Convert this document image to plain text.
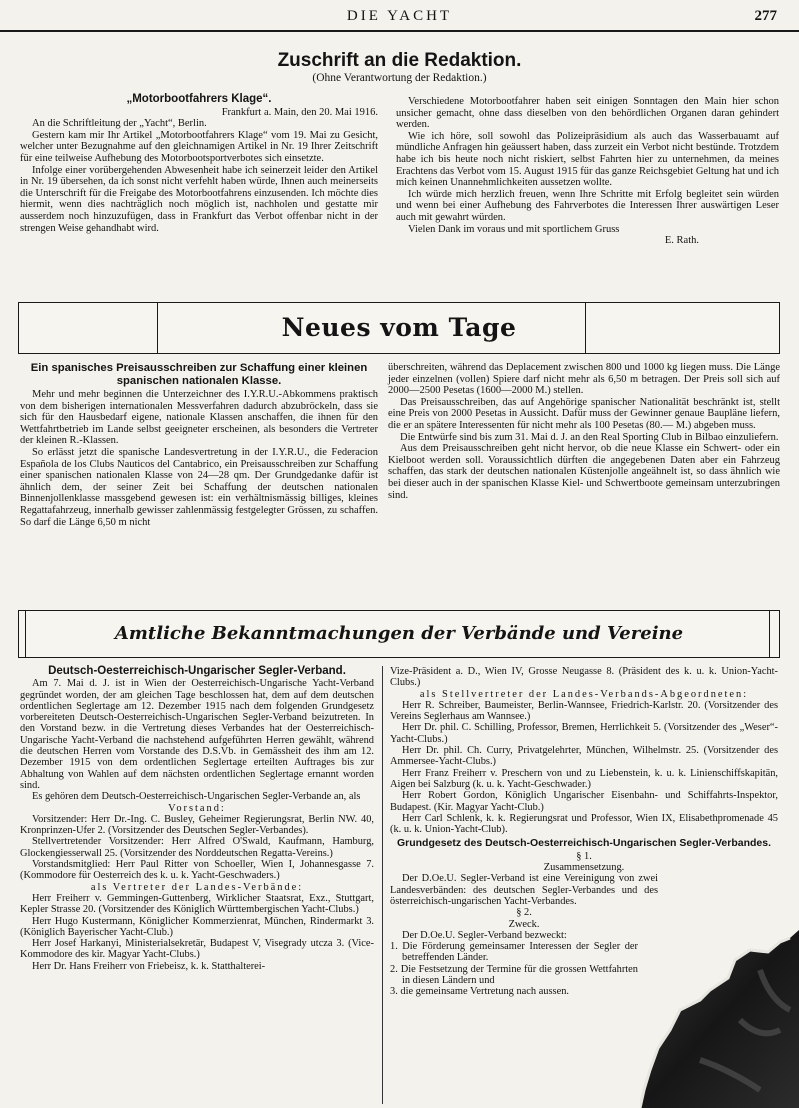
DIE YACHT	277
Zuschrift an die Redaktion.
(Ohne Verantwortung der Redaktion.)

„Motorbootfahrers Klage“.

Frankfurt a. Main, den 20. Mai 1916.

An die Schriftleitung der „Yacht“, Berlin.

Gestern kam mir Ihr Artikel „Motorbootfahrers Klage“ vom 19. Mai zu Gesicht, welcher unter Bezugnahme auf den gleichnamigen Artikel in Nr. 19 Ihrer Zeitschrift für eine teilweise Aufhebung des Motorbootsportverbotes sich einsetzte.

Infolge einer vorübergehenden Abwesenheit habe ich seinerzeit leider den Artikel in Nr. 19 übersehen, da ich sonst nicht verfehlt haben würde, Ihnen auch meinerseits die Unterschrift für die Freigabe des Motorbootfahrens einzusenden. Ich möchte dies hiermit, wenn dies nachträglich noch möglich ist, nachholen und gestatte mir ausserdem noch hinzuzufügen, dass in Frankfurt das Verbot offenbar nicht in der strengen Weise gehandhabt wird.

Verschiedene Motorbootfahrer haben seit einigen Sonntagen den Main hier schon unsicher gemacht, ohne dass dieselben von den behördlichen Organen daran gehindert werden.

Wie ich höre, soll sowohl das Polizeipräsidium als auch das Wasserbauamt auf mündliche Anfragen hin geäussert haben, dass zurzeit ein Verbot nicht bestünde. Trotzdem habe ich bis heute noch nicht riskiert, selbst Fahrten hier zu unternehmen, da meines Erachtens das Verbot vom 15. August 1915 für das ganze Reichsgebiet Geltung hat und ich mich keinen Unannehmlichkeiten aussetzen wollte.

Ich würde mich herzlich freuen, wenn Ihre Schritte mit Erfolg begleitet sein würden und wenn bei einer Aufhebung des Fahrverbotes die Interessen Ihrer auswärtigen Leser auch mit gewahrt würden.

Vielen Dank im voraus und mit sportlichem Gruss

E. Rath.

Neues vom Tage

Ein spanisches Preisausschreiben zur Schaffung einer kleinen spanischen nationalen Klasse.

Mehr und mehr beginnen die Unterzeichner des I.Y.R.U.-Abkommens praktisch von dem bisherigen internationalen Messverfahren dadurch abzubröckeln, dass sie sich für den Hausbedarf eigene, nationale Klassen anschaffen, die ihnen für den Wettfahrtbetrieb im Lande selbst geeigneter erscheinen, als besonders die Vertreter der kleinen R.-Klassen.

So erlässt jetzt die spanische Landesvertretung in der I.Y.R.U., die Federacion Española de los Clubs Nauticos del Cantabrico, ein Preisausschreiben zur Schaffung einer spanischen nationalen Klasse von 24—28 qm. Der Grundgedanke dafür ist ähnlich dem, der seiner Zeit bei Schaffung der deutschen nationalen Binnenjollenklasse massgebend gewesen ist: ein verhältnismässig billiges, kleines Regattafahrzeug, innerhalb gewisser zahlenmässig festgelegter Grössen, zu schaffen. So darf die Länge 6,50 m nicht

überschreiten, während das Deplacement zwischen 800 und 1000 kg liegen muss. Die Länge jeder einzelnen (vollen) Spiere darf nicht mehr als 6,50 m betragen. Der Preis soll sich auf 2000—2500 Pesetas (1600—2000 M.) stellen.

Das Preisausschreiben, das auf Angehörige spanischer Nationalität beschränkt ist, stellt eine Preis von 2000 Pesetas in Aussicht. Dafür muss der Gewinner genaue Baupläne liefern, die er an spätere Interessenten für nicht mehr als 100 Pesetas (80.— M.) abgeben muss.

Die Entwürfe sind bis zum 31. Mai d. J. an den Real Sporting Club in Bilbao einzuliefern.

Aus dem Preisausschreiben geht nicht hervor, ob die neue Klasse ein Schwert- oder ein Kielboot werden soll. Voraussichtlich dürften die angegebenen Daten aber ein Fahrzeug schaffen, das stark der deutschen nationalen Küstenjolle angeähnelt ist, so dass ähnlich wie bei dieser auch in der spanischen Klasse Kiel- und Schwertboote gemeinsam unterzubringen sind.

Amtliche Bekanntmachungen der Verbände und Vereine

Deutsch-Oesterreichisch-Ungarischer Segler-Verband.

Am 7. Mai d. J. ist in Wien der Oesterreichisch-Ungarische Yacht-Verband gegründet worden, der am gleichen Tage beschlossen hat, dem auf dem deutschen ordentlichen Seglertage am 12. Dezember 1915 nach dem folgenden Grundgesetz vorbereiteten Deutsch-Oesterreichisch-Ungarischen Segler-Verband beizutreten. In den Vorstand bezw. in die Vertretung dieses Verbandes hat der Oesterreichisch-Ungarische Yacht-Verband die nachstehend aufgeführten Herren gewählt, während die deutschen Herren vom Vorstande des D.S.Vb. in Gemässheit des ihm am 12. Dezember 1915 von dem ordentlichen Seglertage erteilten Auftrages bis zur Abhaltung von Wahlen auf dem nächsten ordentlichen Seglertage ernannt worden sind.

Es gehören dem Deutsch-Oesterreichisch-Ungarischen Segler-Verbande an, als

Vorstand:

Vorsitzender: Herr Dr.-Ing. C. Busley, Geheimer Regierungsrat, Berlin NW. 40, Kronprinzen-Ufer 2. (Vorsitzender des Deutschen Segler-Verbandes).

Stellvertretender Vorsitzender: Herr Alfred O'Swald, Kaufmann, Hamburg, Glockengiesserwall 25. (Vorsitzender des Norddeutschen Regatta-Vereins.)

Vorstandsmitglied: Herr Paul Ritter von Schoeller, Wien I, Johannesgasse 7. (Kommodore für Oesterreich des k. u. k. Yacht-Geschwaders.)

als Vertreter der Landes-Verbände:

Herr Freiherr v. Gemmingen-Guttenberg, Wirklicher Staatsrat, Exz., Stuttgart, Kepler Strasse 20. (Vorsitzender des Königlich Württembergischen Yacht-Clubs.)

Herr Hugo Kustermann, Königlicher Kommerzienrat, München, Rindermarkt 3. (Königlich Bayerischer Yacht-Club.)

Herr Josef Harkanyi, Ministerialsekretär, Budapest V, Visegrady utcza 3. (Vice-Kommodore des kir. Magyar Yacht-Clubs.)

Herr Dr. Hans Freiherr von Friebeisz, k. k. Statthalterei-

Vize-Präsident a. D., Wien IV, Grosse Neugasse 8. (Präsident des k. u. k. Union-Yacht-Clubs.)

als Stellvertreter der Landes-Verbands-Abgeordneten:

Herr R. Schreiber, Baumeister, Berlin-Wannsee, Friedrich-Karlstr. 20. (Vorsitzender des Vereins Seglerhaus am Wannsee.)

Herr Dr. phil. C. Schilling, Professor, Bremen, Herrlichkeit 5. (Vorsitzender des „Weser“-Yacht-Clubs.)

Herr Dr. phil. Ch. Curry, Privatgelehrter, München, Wilhelmstr. 25. (Vorsitzender des Ammersee-Yacht-Clubs.)

Herr Franz Freiherr v. Preschern von und zu Liebenstein, k. u. k. Linienschiffskapitän, Aigen bei Salzburg (k. u. k. Yacht-Geschwader.)

Herr Robert Gordon, Königlich Ungarischer Eisenbahn- und Schiffahrts-Inspektor, Budapest. (Kir. Magyar Yacht-Club.)

Herr Carl Schlenk, k. k. Regierungsrat und Professor, Wien IX, Elisabethpromenade 45 (k. u. k. Union-Yacht-Club).

Grundgesetz des Deutsch-Oesterreichisch-Ungarischen Segler-Verbandes.

§ 1.

Zusammensetzung.

Der D.Oe.U. Segler-Verband ist eine Vereinigung von zwei Landesverbänden: des deutschen Segler-Verbandes und des österreichisch-ungarischen Yacht-Verbandes.

§ 2.

Zweck.

Der D.Oe.U. Segler-Verband bezweckt:

1. Die Förderung gemeinsamer Interessen der Segler der betreffenden Länder.

2. Die Festsetzung der Termine für die grossen Wettfahrten in diesen Ländern und

3. die gemeinsame Vertretung nach aussen.
